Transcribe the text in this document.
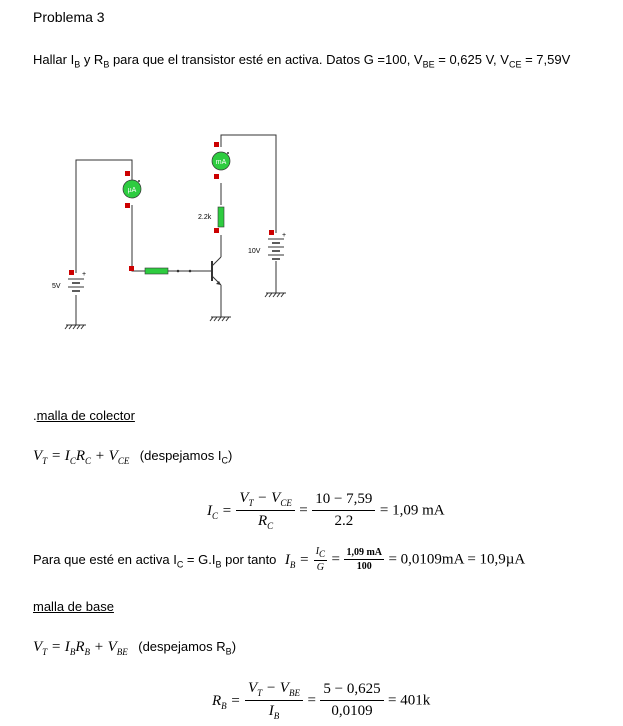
Problema 3
Hallar $I_B$ y $R_B$ para que el transistor esté en activa. Datos G =100, $V_{BE} = 0,625$ V, $V_{CE} = 7,59V$
2.2k
mA
µA
+
10V
+
5V
.malla de colector
$V_T = I_CR_C + V_{CE}$ (despejamos $I_C$)
$I_C = \frac{V_T - V_{CE}}{R_C} = \frac{10 - 7,59}{2.2} = 1,09$ mA
Para que esté en activa $I_C = G.I_B$ por tanto $I_B = \frac{I_C}{G} = \frac{1,09 mA}{100} = 0,0109mA = 10,9\mu A$
malla de base
$V_T = I_BR_B + V_{BE}$ (despejamos $R_B$)
$R_B = \frac{V_T - V_{BE}}{I_B} = \frac{5 - 0,625}{0,0109} = 401k$
